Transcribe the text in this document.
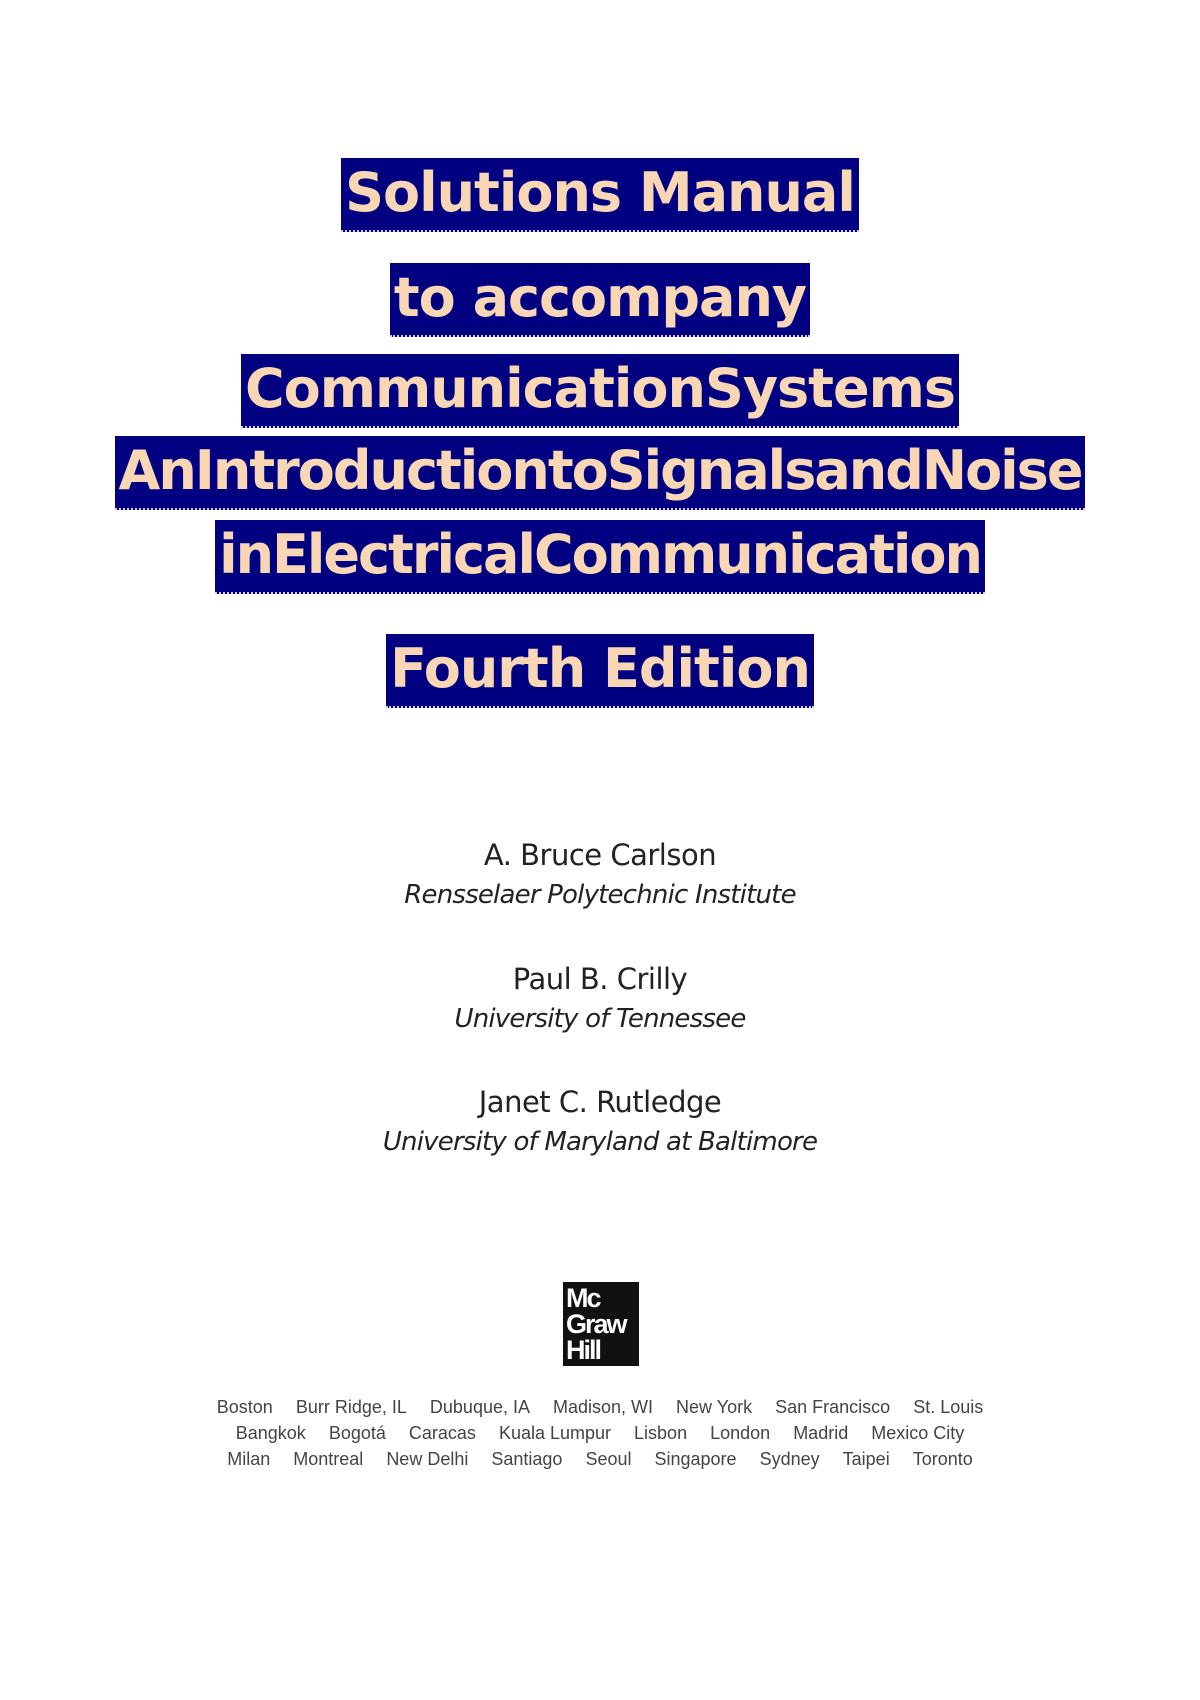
Solutions Manual
to accompany
CommunicationSystems
AnIntroductiontoSignalsandNoise
inElectricalCommunication
Fourth Edition
A. Bruce Carlson
Rensselaer Polytechnic Institute
Paul B. Crilly
University of Tennessee
Janet C. Rutledge
University of Maryland at Baltimore
Mc
Graw
Hill
Boston Burr Ridge, IL Dubuque, IA Madison, WI New York San Francisco St. Louis
Bangkok Bogotá Caracas Kuala Lumpur Lisbon London Madrid Mexico City
Milan Montreal New Delhi Santiago Seoul Singapore Sydney Taipei Toronto
